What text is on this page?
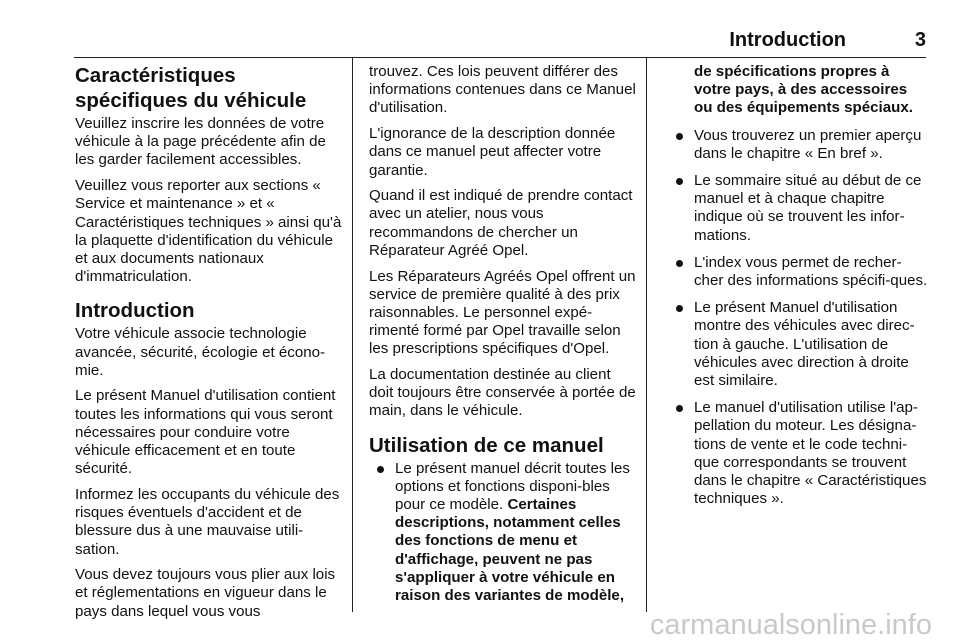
Introduction	3
Caractéristiques
spécifiques du véhicule

Veuillez inscrire les données de votre véhicule à la page précédente afin de les garder facilement accessibles.

Veuillez vous reporter aux sections « Service et maintenance » et « Caractéristiques techniques » ainsi qu'à la plaquette d'identification du véhicule et aux documents nationaux d'immatriculation.

Introduction

Votre véhicule associe technologie avancée, sécurité, écologie et écono-mie.

Le présent Manuel d'utilisation contient toutes les informations qui vous seront nécessaires pour conduire votre véhicule efficacement et en toute sécurité.

Informez les occupants du véhicule des risques éventuels d'accident et de blessure dus à une mauvaise utili-sation.

Vous devez toujours vous plier aux lois et réglementations en vigueur dans le pays dans lequel vous vous

trouvez. Ces lois peuvent différer des informations contenues dans ce Manuel d'utilisation.

L'ignorance de la description donnée dans ce manuel peut affecter votre garantie.

Quand il est indiqué de prendre contact avec un atelier, nous vous recommandons de chercher un Réparateur Agréé Opel.

Les Réparateurs Agréés Opel offrent un service de première qualité à des prix raisonnables. Le personnel expé-rimenté formé par Opel travaille selon les prescriptions spécifiques d'Opel.

La documentation destinée au client doit toujours être conservée à portée de main, dans le véhicule.

Utilisation de ce manuel
Le présent manuel décrit toutes les options et fonctions disponi-bles pour ce modèle. Certaines descriptions, notamment celles des fonctions de menu et d'affichage, peuvent ne pas s'appliquer à votre véhicule en raison des variantes de modèle,
de spécifications propres à votre pays, à des accessoires ou des équipements spéciaux.
Vous trouverez un premier aperçu dans le chapitre « En bref ».
Le sommaire situé au début de ce manuel et à chaque chapitre indique où se trouvent les infor-mations.
L'index vous permet de recher-cher des informations spécifi-ques.
Le présent Manuel d'utilisation montre des véhicules avec direc-tion à gauche. L'utilisation de véhicules avec direction à droite est similaire.
Le manuel d'utilisation utilise l'ap-pellation du moteur. Les désigna-tions de vente et le code techni-que correspondants se trouvent dans le chapitre « Caractéristiques techniques ».
carmanualsonline.info
